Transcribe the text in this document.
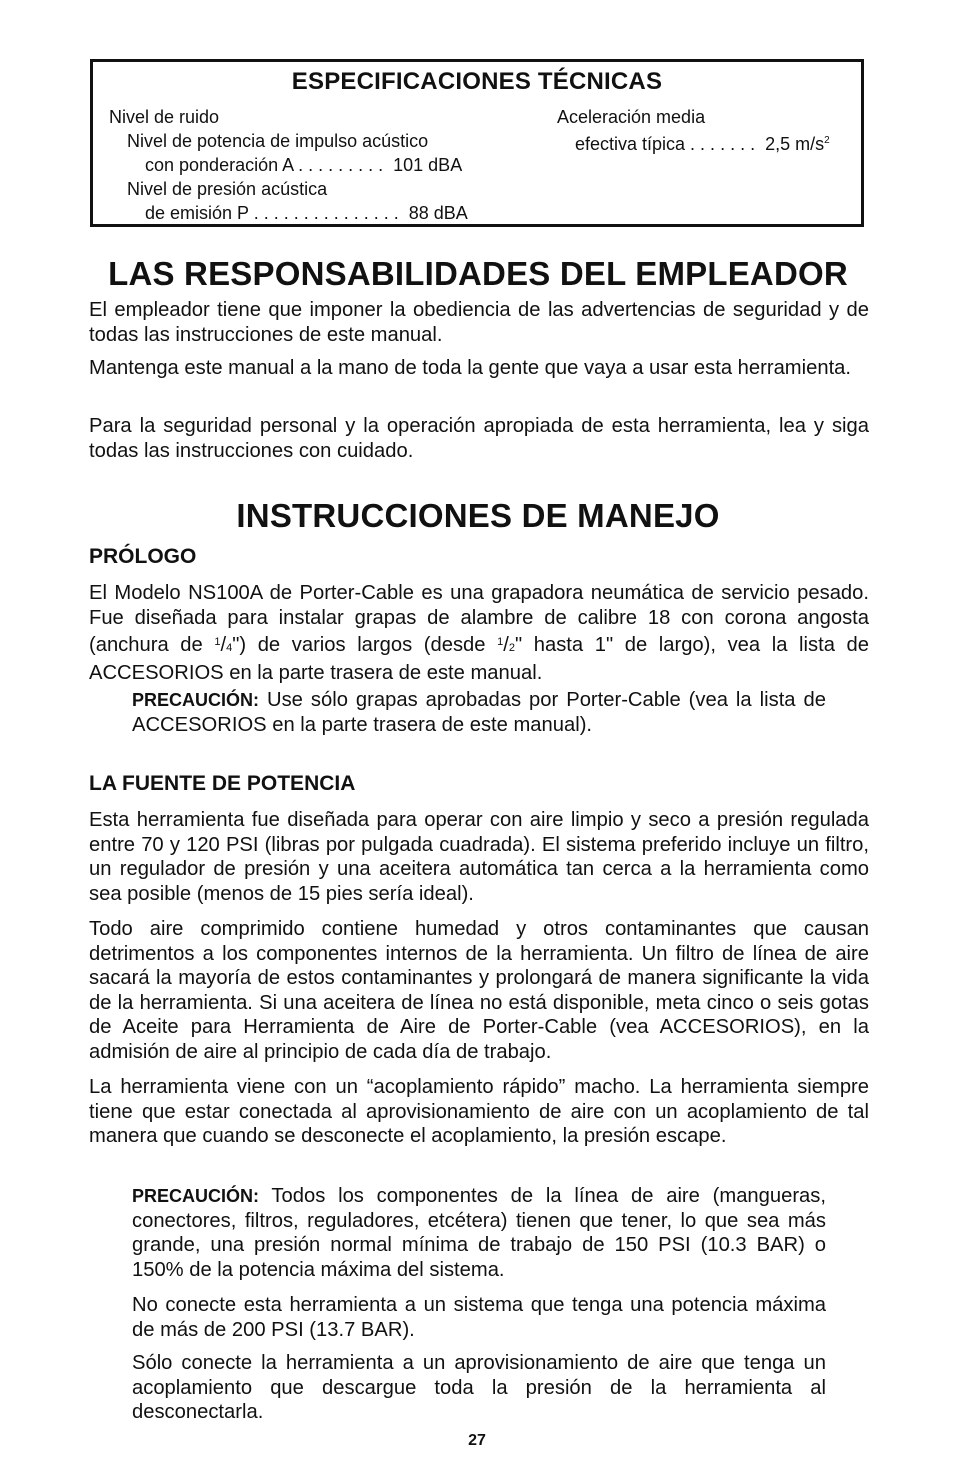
ESPECIFICACIONES TÉCNICAS
Nivel de ruido
Nivel de potencia de impulso acústico
con ponderación A . . . . . . . . .  101 dBA
Nivel de presión acústica
de emisión P . . . . . . . . . . . . . . .  88 dBA
Aceleración media
efectiva típica . . . . . . .  2,5 $m/s^2$
LAS RESPONSABILIDADES DEL EMPLEADOR

El empleador tiene que imponer la obediencia de las advertencias de seguridad y de todas las instrucciones de este manual.

Mantenga este manual a la mano de toda la gente que vaya a usar esta herramienta.

Para la seguridad personal y la operación apropiada de esta herramienta, lea y siga todas las instrucciones con cuidado.

INSTRUCCIONES DE MANEJO
PRÓLOGO

El Modelo NS100A de Porter-Cable es una grapadora neumática de servicio pesado. Fue diseñada para instalar grapas de alambre de calibre 18 con corona angosta (anchura de $^1$/4") de varios largos (desde $^1$/2" hasta 1" de largo), vea la lista de ACCESORIOS en la parte trasera de este manual.

PRECAUCIÓN: Use sólo grapas aprobadas por Porter-Cable (vea la lista de ACCESORIOS en la parte trasera de este manual).

LA FUENTE DE POTENCIA

Esta herramienta fue diseñada para operar con aire limpio y seco a presión regulada entre 70 y 120 PSI (libras por pulgada cuadrada). El sistema preferido incluye un filtro, un regulador de presión y una aceitera automática tan cerca a la herramienta como sea posible (menos de 15 pies sería ideal).

Todo aire comprimido contiene humedad y otros contaminantes que causan detrimentos a los componentes internos de la herramienta. Un filtro de línea de aire sacará la mayoría de estos contaminantes y prolongará de manera significante la vida de la herramienta. Si una aceitera de línea no está disponible, meta cinco o seis gotas de Aceite para Herramienta de Aire de Porter-Cable (vea ACCESORIOS), en la admisión de aire al principio de cada día de trabajo.

La herramienta viene con un “acoplamiento rápido” macho. La herramienta siempre tiene que estar conectada al aprovisionamiento de aire con un acoplamiento de tal manera que cuando se desconecte el acoplamiento, la presión escape.

PRECAUCIÓN: Todos los componentes de la línea de aire (mangueras, conectores, filtros, reguladores, etcétera) tienen que tener, lo que sea más grande, una presión normal mínima de trabajo de 150 PSI (10.3 BAR) o 150% de la potencia máxima del sistema.

No conecte esta herramienta a un sistema que tenga una potencia máxima de más de 200 PSI (13.7 BAR).

Sólo conecte la herramienta a un aprovisionamiento de aire que tenga un acoplamiento que descargue toda la presión de la herramienta al desconectarla.

27
